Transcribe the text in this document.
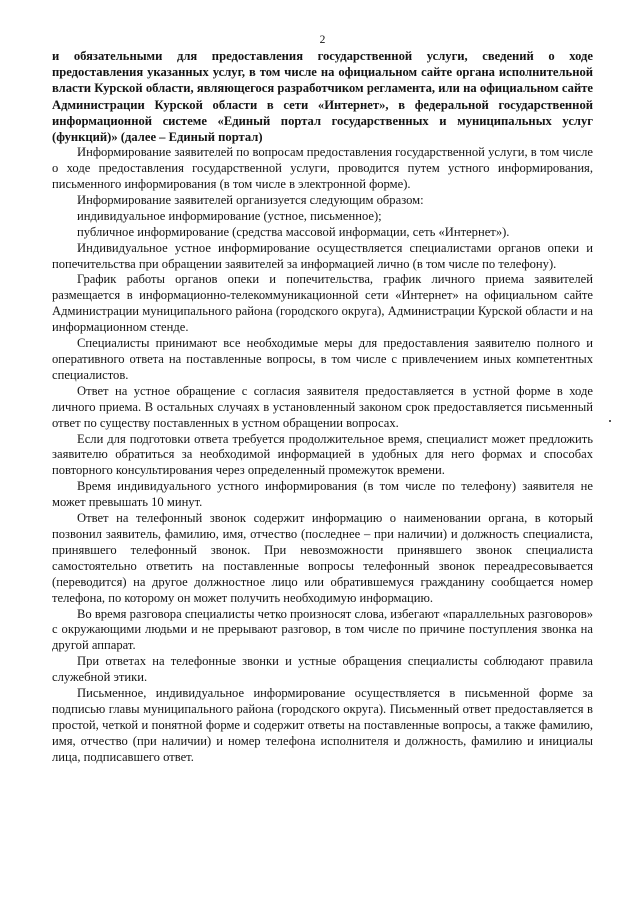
2

и обязательными для предоставления государственной услуги, сведений о ходе предоставления указанных услуг, в том числе на официальном сайте органа исполнительной власти Курской области, являющегося разработчиком регламента, или на официальном сайте Администрации Курской области в сети «Интернет», в федеральной государственной информационной системе «Единый портал государственных и муниципальных услуг (функций)» (далее – Единый портал)

Информирование заявителей по вопросам предоставления государственной услуги, в том числе о ходе предоставления государственной услуги, проводится путем устного информирования, письменного информирования (в том числе в электронной форме).

Информирование заявителей организуется следующим образом:

индивидуальное информирование (устное, письменное);

публичное информирование (средства массовой информации, сеть «Интернет»).

Индивидуальное устное информирование осуществляется специалистами органов опеки и попечительства при обращении заявителей за информацией лично (в том числе по телефону).

График работы органов опеки и попечительства, график личного приема заявителей размещается в информационно-телекоммуникационной сети «Интернет» на официальном сайте Администрации муниципального района (городского округа), Администрации Курской области и на информационном стенде.

Специалисты принимают все необходимые меры для предоставления заявителю полного и оперативного ответа на поставленные вопросы, в том числе с привлечением иных компетентных специалистов.

Ответ на устное обращение с согласия заявителя предоставляется в устной форме в ходе личного приема. В остальных случаях в установленный законом срок предоставляется письменный ответ по существу поставленных в устном обращении вопросах.

Если для подготовки ответа требуется продолжительное время, специалист может предложить заявителю обратиться за необходимой информацией в удобных для него формах и способах повторного консультирования через определенный промежуток времени.

Время индивидуального устного информирования (в том числе по телефону) заявителя не может превышать 10 минут.

Ответ на телефонный звонок содержит информацию о наименовании органа, в который позвонил заявитель, фамилию, имя, отчество (последнее – при наличии) и должность специалиста, принявшего телефонный звонок. При невозможности принявшего звонок специалиста самостоятельно ответить на поставленные вопросы телефонный звонок переадресовывается (переводится) на другое должностное лицо или обратившемуся гражданину сообщается номер телефона, по которому он может получить необходимую информацию.

Во время разговора специалисты четко произносят слова, избегают «параллельных разговоров» с окружающими людьми и не прерывают разговор, в том числе по причине поступления звонка на другой аппарат.

При ответах на телефонные звонки и устные обращения специалисты соблюдают правила служебной этики.

Письменное, индивидуальное информирование осуществляется в письменной форме за подписью главы муниципального района (городского округа). Письменный ответ предоставляется в простой, четкой и понятной форме и содержит ответы на поставленные вопросы, а также фамилию, имя, отчество (при наличии) и номер телефона исполнителя и должность, фамилию и инициалы лица, подписавшего ответ.
